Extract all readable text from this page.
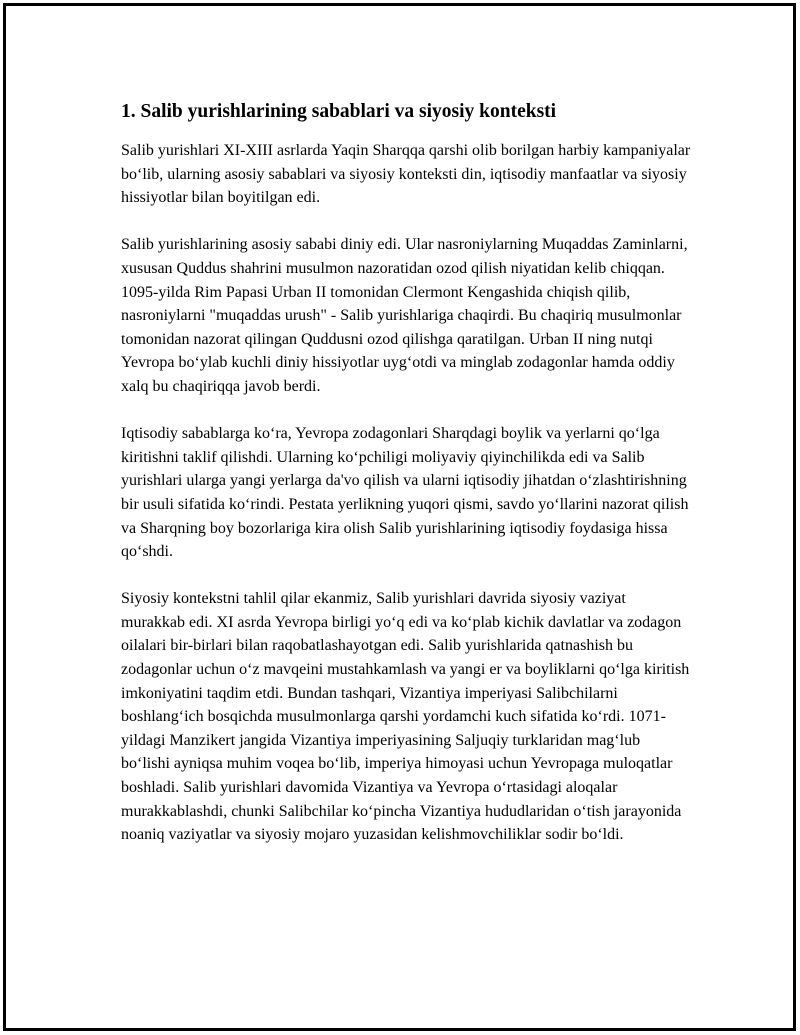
1. Salib yurishlarining sabablari va siyosiy konteksti

Salib yurishlari XI-XIII asrlarda Yaqin Sharqqa qarshi olib borilgan harbiy kampaniyalar bo‘lib, ularning asosiy sabablari va siyosiy konteksti din, iqtisodiy manfaatlar va siyosiy hissiyotlar bilan boyitilgan edi.

Salib yurishlarining asosiy sababi diniy edi. Ular nasroniylarning Muqaddas Zaminlarni, xususan Quddus shahrini musulmon nazoratidan ozod qilish niyatidan kelib chiqqan. 1095-yilda Rim Papasi Urban II tomonidan Clermont Kengashida chiqish qilib, nasroniylarni "muqaddas urush" - Salib yurishlariga chaqirdi. Bu chaqiriq musulmonlar tomonidan nazorat qilingan Quddusni ozod qilishga qaratilgan. Urban II ning nutqi Yevropa bo‘ylab kuchli diniy hissiyotlar uyg‘otdi va minglab zodagonlar hamda oddiy xalq bu chaqiriqqa javob berdi.

Iqtisodiy sabablarga ko‘ra, Yevropa zodagonlari Sharqdagi boylik va yerlarni qo‘lga kiritishni taklif qilishdi. Ularning ko‘pchiligi moliyaviy qiyinchilikda edi va Salib yurishlari ularga yangi yerlarga da'vo qilish va ularni iqtisodiy jihatdan o‘zlashtirishning bir usuli sifatida ko‘rindi. Pestata yerlikning yuqori qismi, savdo yo‘llarini nazorat qilish va Sharqning boy bozorlariga kira olish Salib yurishlarining iqtisodiy foydasiga hissa qo‘shdi.

Siyosiy kontekstni tahlil qilar ekanmiz, Salib yurishlari davrida siyosiy vaziyat murakkab edi. XI asrda Yevropa birligi yo‘q edi va ko‘plab kichik davlatlar va zodagon oilalari bir-birlari bilan raqobatlashayotgan edi. Salib yurishlarida qatnashish bu zodagonlar uchun o‘z mavqeini mustahkamlash va yangi er va boyliklarni qo‘lga kiritish imkoniyatini taqdim etdi. Bundan tashqari, Vizantiya imperiyasi Salibchilarni boshlang‘ich bosqichda musulmonlarga qarshi yordamchi kuch sifatida ko‘rdi. 1071-yildagi Manzikert jangida Vizantiya imperiyasining Saljuqiy turklaridan mag‘lub bo‘lishi ayniqsa muhim voqea bo‘lib, imperiya himoyasi uchun Yevropaga muloqatlar boshladi. Salib yurishlari davomida Vizantiya va Yevropa o‘rtasidagi aloqalar murakkablashdi, chunki Salibchilar ko‘pincha Vizantiya hududlaridan o‘tish jarayonida noaniq vaziyatlar va siyosiy mojaro yuzasidan kelishmovchiliklar sodir bo‘ldi.
